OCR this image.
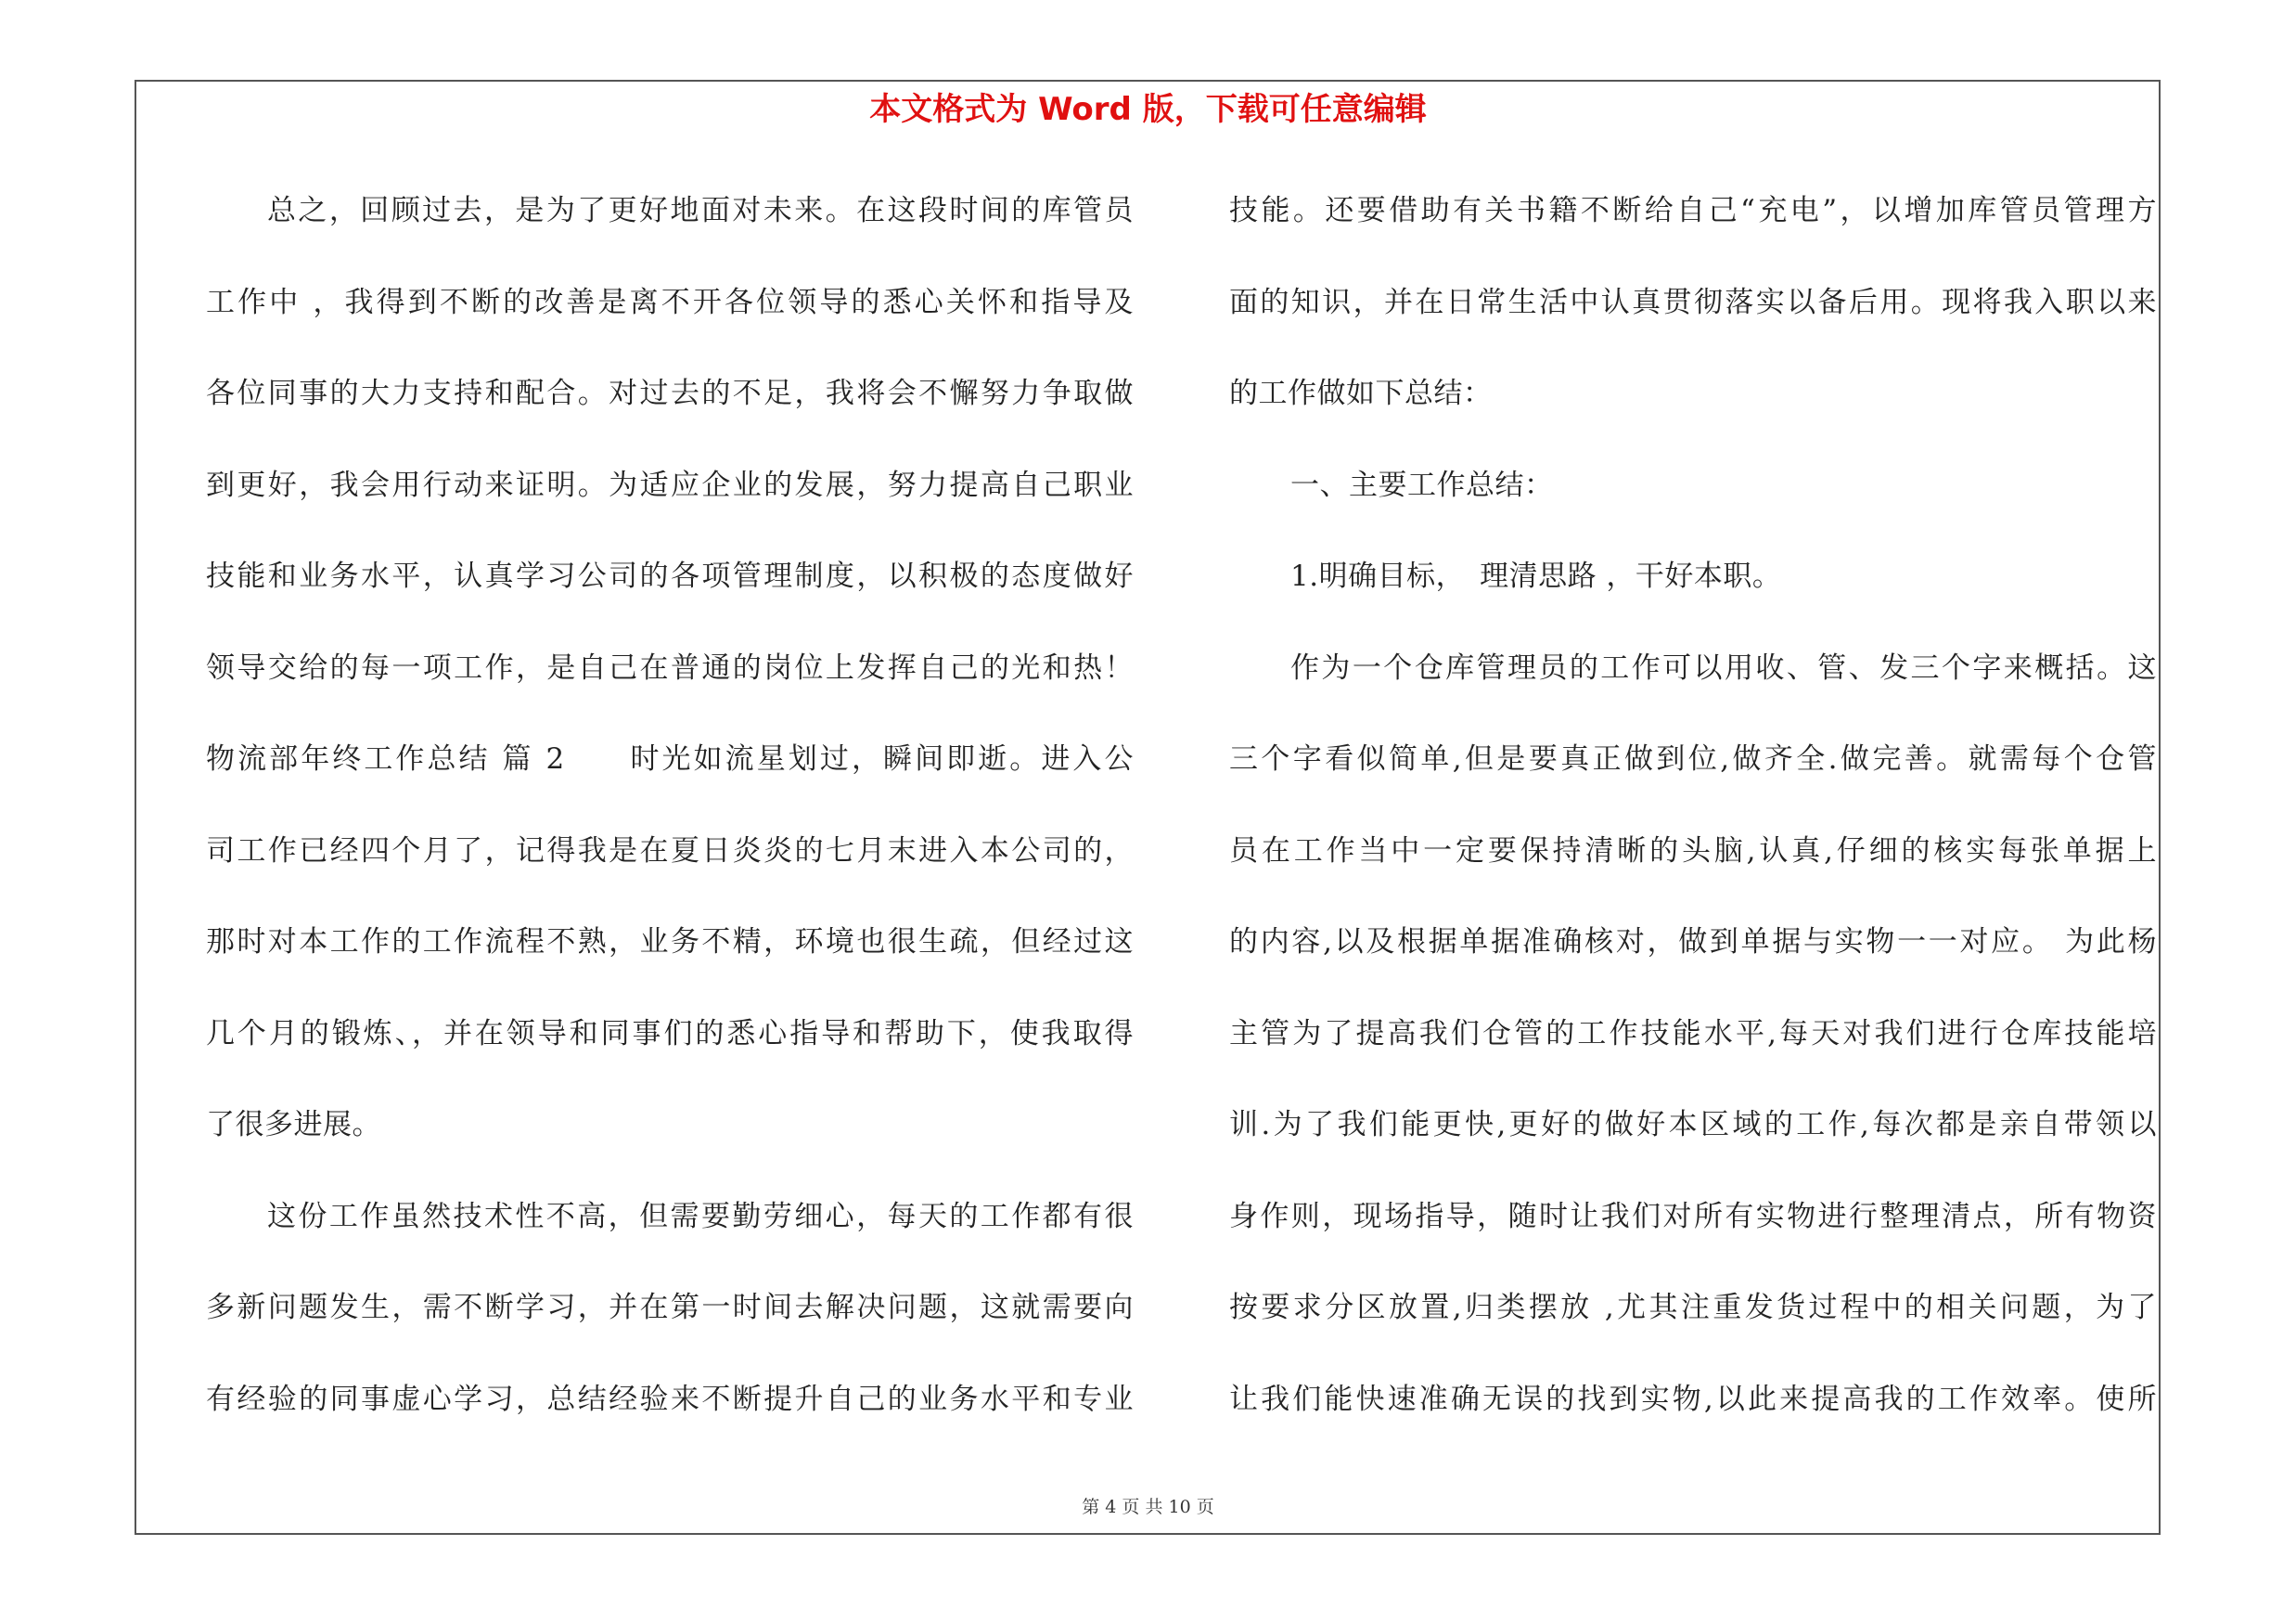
本文格式为 Word 版，下载可任意编辑
总之，回顾过去，是为了更好地面对未来。在这段时间的库管员
工作中 ，我得到不断的改善是离不开各位领导的悉心关怀和指导及
各位同事的大力支持和配合。对过去的不足，我将会不懈努力争取做
到更好，我会用行动来证明。为适应企业的发展，努力提高自己职业
技能和业务水平，认真学习公司的各项管理制度，以积极的态度做好
领导交给的每一项工作，是自己在普通的岗位上发挥自己的光和热！
物流部年终工作总结 篇 2　　时光如流星划过，瞬间即逝。进入公
司工作已经四个月了，记得我是在夏日炎炎的七月末进入本公司的，
那时对本工作的工作流程不熟，业务不精，环境也很生疏，但经过这
几个月的锻炼、，并在领导和同事们的悉心指导和帮助下，使我取得
了很多进展。
这份工作虽然技术性不高，但需要勤劳细心，每天的工作都有很
多新问题发生，需不断学习，并在第一时间去解决问题，这就需要向
有经验的同事虚心学习，总结经验来不断提升自己的业务水平和专业
技能。还要借助有关书籍不断给自己“充电”，以增加库管员管理方
面的知识，并在日常生活中认真贯彻落实以备后用。现将我入职以来
的工作做如下总结：
一、主要工作总结：
1.明确目标，　理清思路 ，干好本职。
作为一个仓库管理员的工作可以用收、管、发三个字来概括。这
三个字看似简单,但是要真正做到位,做齐全.做完善。就需每个仓管
员在工作当中一定要保持清晰的头脑,认真,仔细的核实每张单据上
的内容,以及根据单据准确核对，做到单据与实物一一对应。 为此杨
主管为了提高我们仓管的工作技能水平,每天对我们进行仓库技能培
训.为了我们能更快,更好的做好本区域的工作,每次都是亲自带领以
身作则，现场指导，随时让我们对所有实物进行整理清点，所有物资
按要求分区放置,归类摆放 ,尤其注重发货过程中的相关问题，为了
让我们能快速准确无误的找到实物,以此来提高我的工作效率。使所
第 4 页 共 10 页
